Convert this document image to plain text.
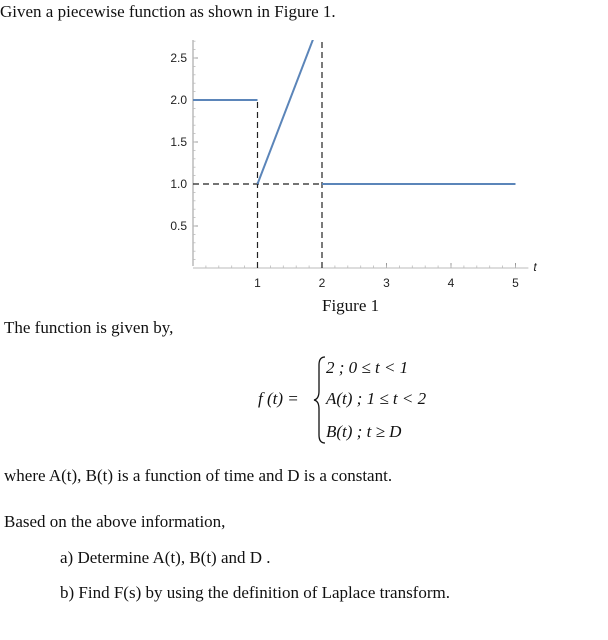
Given a piecewise function as shown in Figure 1.
0.5
1.0
1.5
2.0
2.5
1	2	3	4	5
t
Figure 1
The function is given by,
f (t) =
2 ; 0 ≤ t < 1
A(t) ; 1 ≤ t < 2
B(t) ; t ≥ D
where A(t), B(t) is a function of time and D is a constant.
Based on the above information,
a) Determine A(t), B(t) and D .
b) Find F(s) by using the definition of Laplace transform.
